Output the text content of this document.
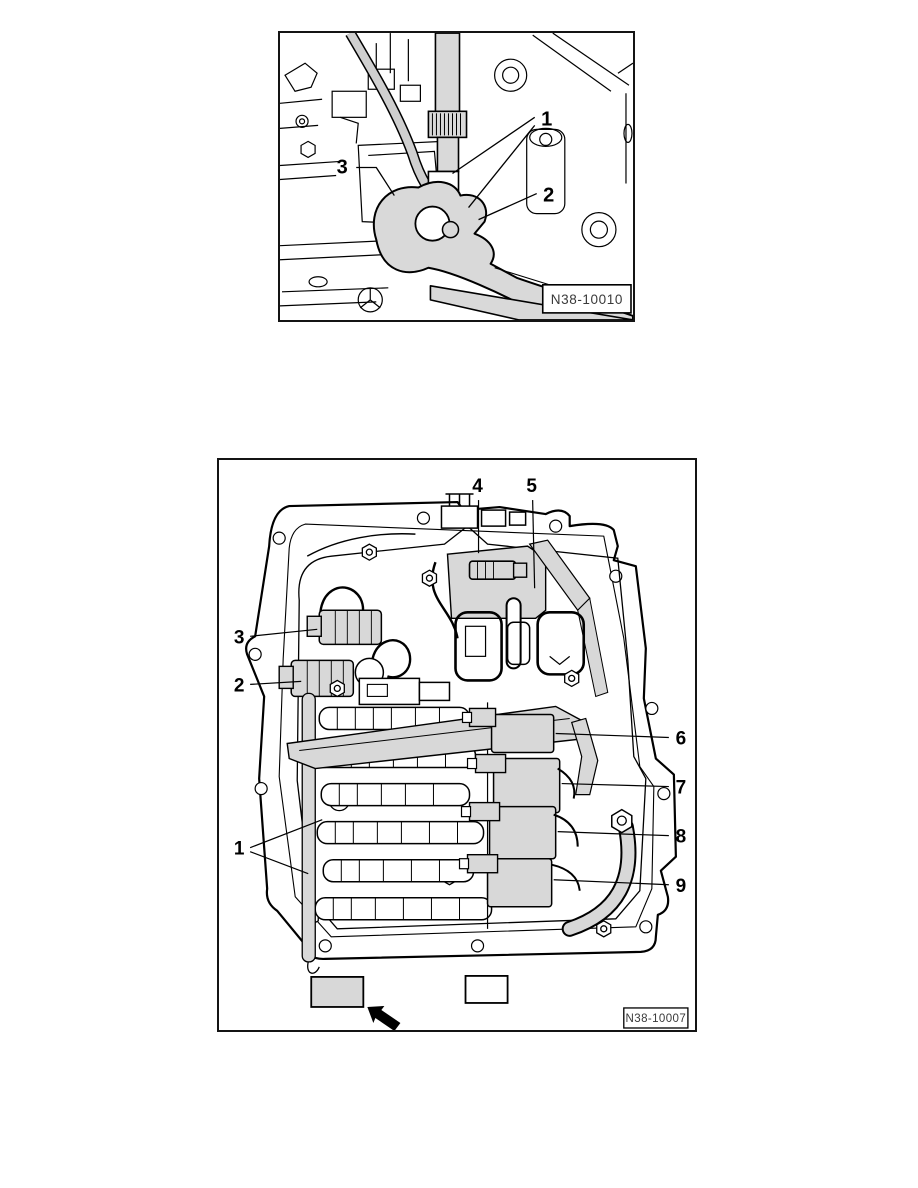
1
2
3
N38-10010
4 5
3
2
6
7
8
9
1
N38-10007
